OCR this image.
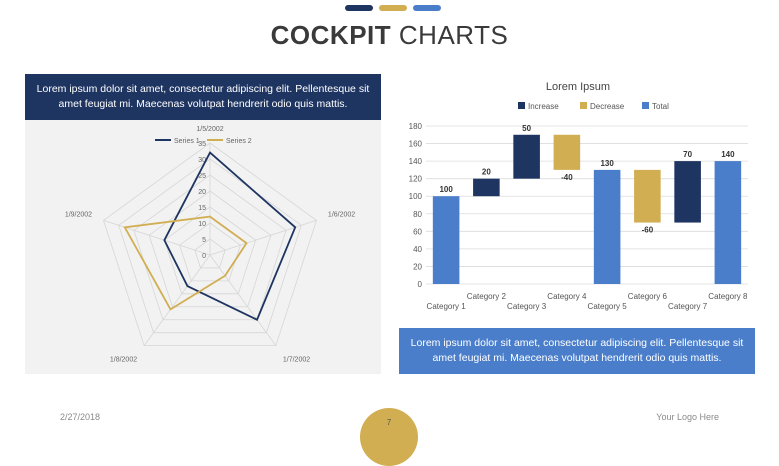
COCKPIT CHARTS
Lorem ipsum dolor sit amet, consectetur adipiscing elit. Pellentesque sit amet feugiat mi. Maecenas volutpat hendrerit odio quis mattis.
Series 1	Series 2
0
5
10
15
20
25
30
35
1/5/2002
1/6/2002
1/7/2002
1/8/2002
1/9/2002
Lorem Ipsum
Increase	Decrease	Total
0
20
40
60
80
100
120
140
160
180
100
Category 1
20
Category 2
50
Category 3
-40
Category 4
130
Category 5
-60
Category 6
70
Category 7
140
Category 8
Lorem ipsum dolor sit amet, consectetur adipiscing elit. Pellentesque sit amet feugiat mi. Maecenas volutpat hendrerit odio quis mattis.
2/27/2018	Your Logo Here
7
